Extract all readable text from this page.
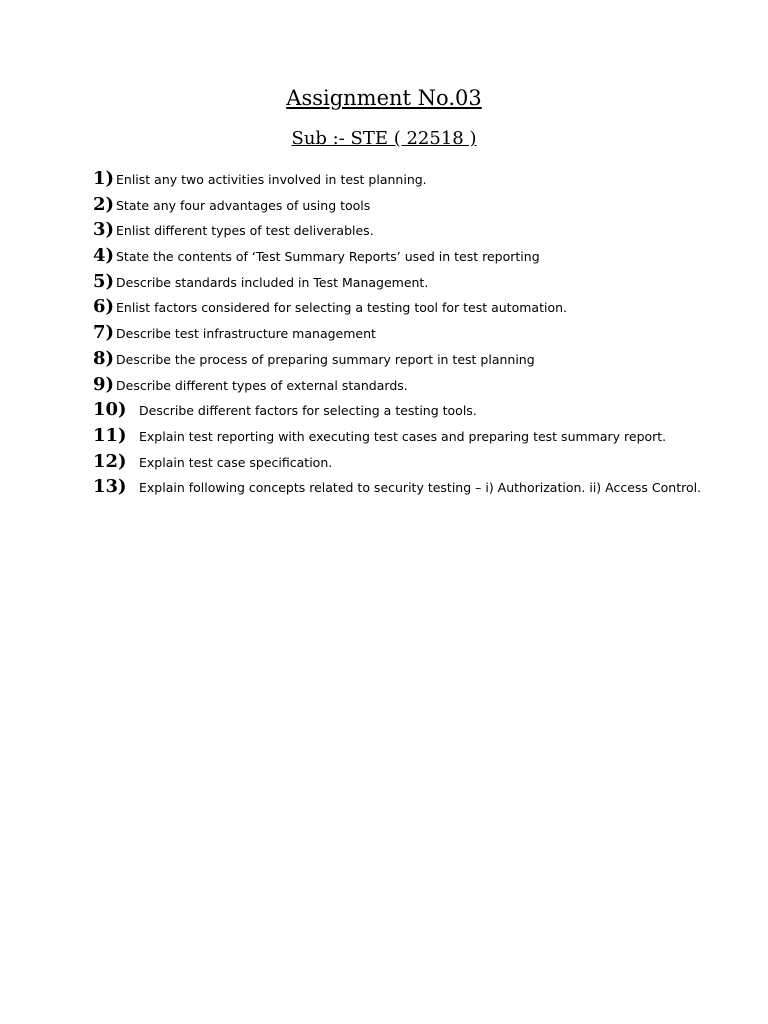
Assignment No.03
Sub :- STE ( 22518 )
1) Enlist any two activities involved in test planning.
2) State any four advantages of using tools
3) Enlist different types of test deliverables.
4) State the contents of ‘Test Summary Reports’ used in test reporting
5) Describe standards included in Test Management.
6) Enlist factors considered for selecting a testing tool for test automation.
7) Describe test infrastructure management
8) Describe the process of preparing summary report in test planning
9) Describe different types of external standards.
10) Describe different factors for selecting a testing tools.
11) Explain test reporting with executing test cases and preparing test summary report.
12) Explain test case specification.
13) Explain following concepts related to security testing – i) Authorization. ii) Access Control.
